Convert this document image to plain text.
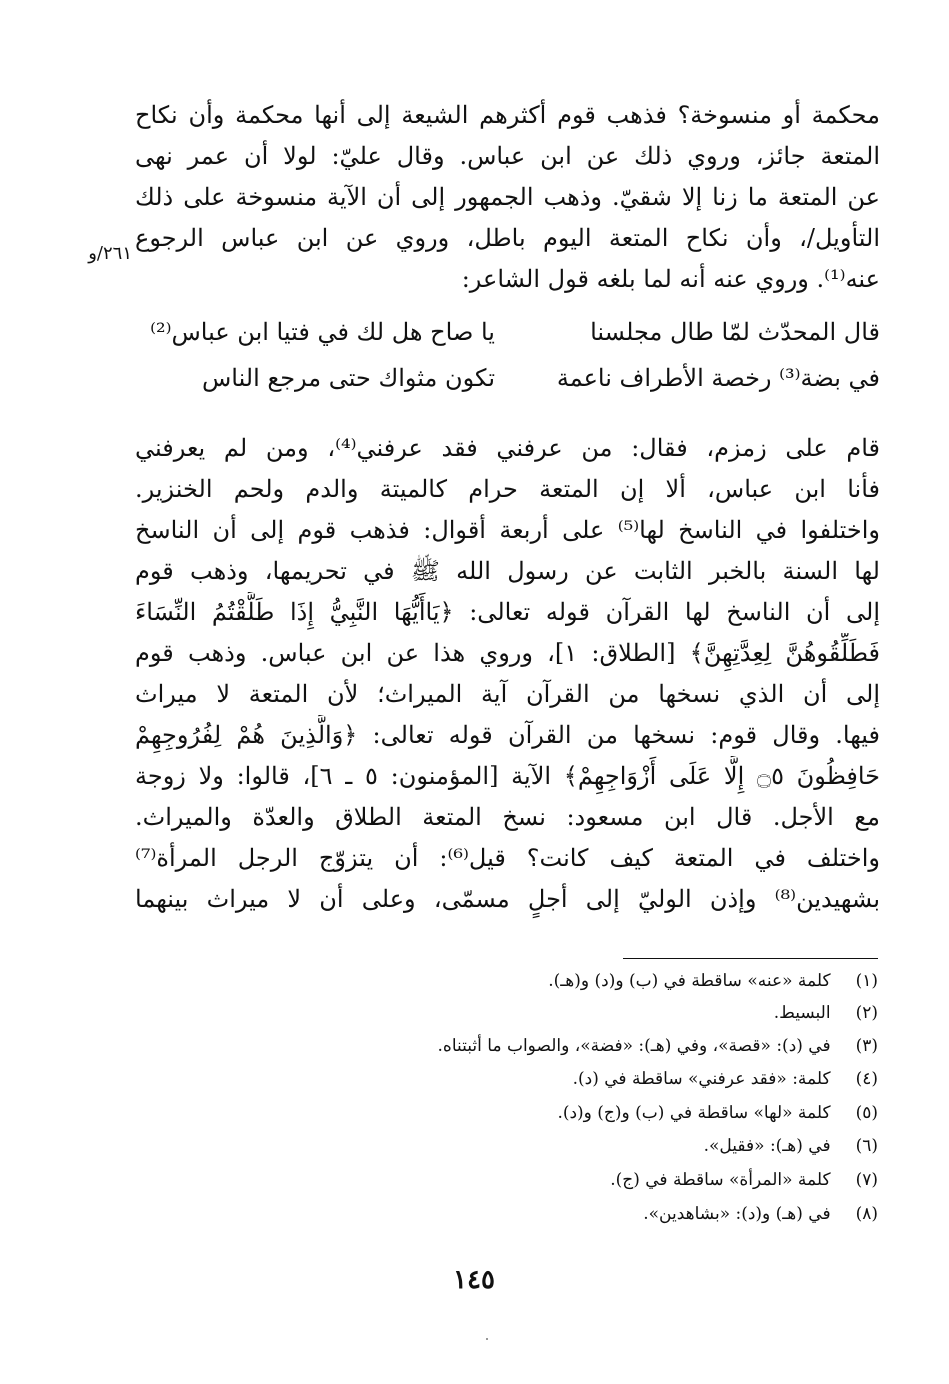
٢٦١/و
محكمة أو منسوخة؟ فذهب قوم أكثرهم الشيعة إلى أنها محكمة وأن نكاح
المتعة جائز، وروي ذلك عن ابن عباس. وقال عليّ: لولا أن عمر نهى
عن المتعة ما زنا إلا شقيّ. وذهب الجمهور إلى أن الآية منسوخة على ذلك
التأويل/، وأن نكاح المتعة اليوم باطل، وروي عن ابن عباس الرجوع
عنه⁽¹⁾. وروي عنه أنه لما بلغه قول الشاعر:
قال المحدّث لمّا طال مجلسنا
يا صاح هل لك في فتيا ابن عباس⁽²⁾
في بضة⁽³⁾ رخصة الأطراف ناعمة
تكون مثواك حتى مرجع الناس
قام على زمزم، فقال: من عرفني فقد عرفني⁽⁴⁾، ومن لم يعرفني
فأنا ابن عباس، ألا إن المتعة حرام كالميتة والدم ولحم الخنزير.
واختلفوا في الناسخ لها⁽⁵⁾ على أربعة أقوال: فذهب قوم إلى أن الناسخ
لها السنة بالخبر الثابت عن رسول الله ﷺ في تحريمها، وذهب قوم
إلى أن الناسخ لها القرآن قوله تعالى: ﴿يَاأَيُّهَا النَّبِيُّ إِذَا طَلَّقْتُمُ النِّسَاءَ
فَطَلِّقُوهُنَّ لِعِدَّتِهِنَّ﴾ [الطلاق: ١]، وروي هذا عن ابن عباس. وذهب قوم
إلى أن الذي نسخها من القرآن آية الميراث؛ لأن المتعة لا ميراث
فيها. وقال قوم: نسخها من القرآن قوله تعالى: ﴿وَالَّذِينَ هُمْ لِفُرُوجِهِمْ
حَافِظُونَ ۝٥ إِلَّا عَلَى أَزْوَاجِهِمْ﴾ الآية [المؤمنون: ٥ ـ ٦]، قالوا: ولا زوجة
مع الأجل. قال ابن مسعود: نسخ المتعة الطلاق والعدّة والميراث.
واختلف في المتعة كيف كانت؟ قيل⁽⁶⁾: أن يتزوّج الرجل المرأة⁽⁷⁾
بشهيدين⁽⁸⁾ وإذن الوليّ إلى أجلٍ مسمّى، وعلى أن لا ميراث بينهما
(١) كلمة «عنه» ساقطة في (ب) و(د) و(هـ).
(٢) البسيط.
(٣) في (د): «قصة»، وفي (هـ): «فضة»، والصواب ما أثبتناه.
(٤) كلمة: «فقد عرفني» ساقطة في (د).
(٥) كلمة «لها» ساقطة في (ب) و(ج) و(د).
(٦) في (هـ): «فقيل».
(٧) كلمة «المرأة» ساقطة في (ج).
(٨) في (هـ) و(د): «بشاهدين».
١٤٥
